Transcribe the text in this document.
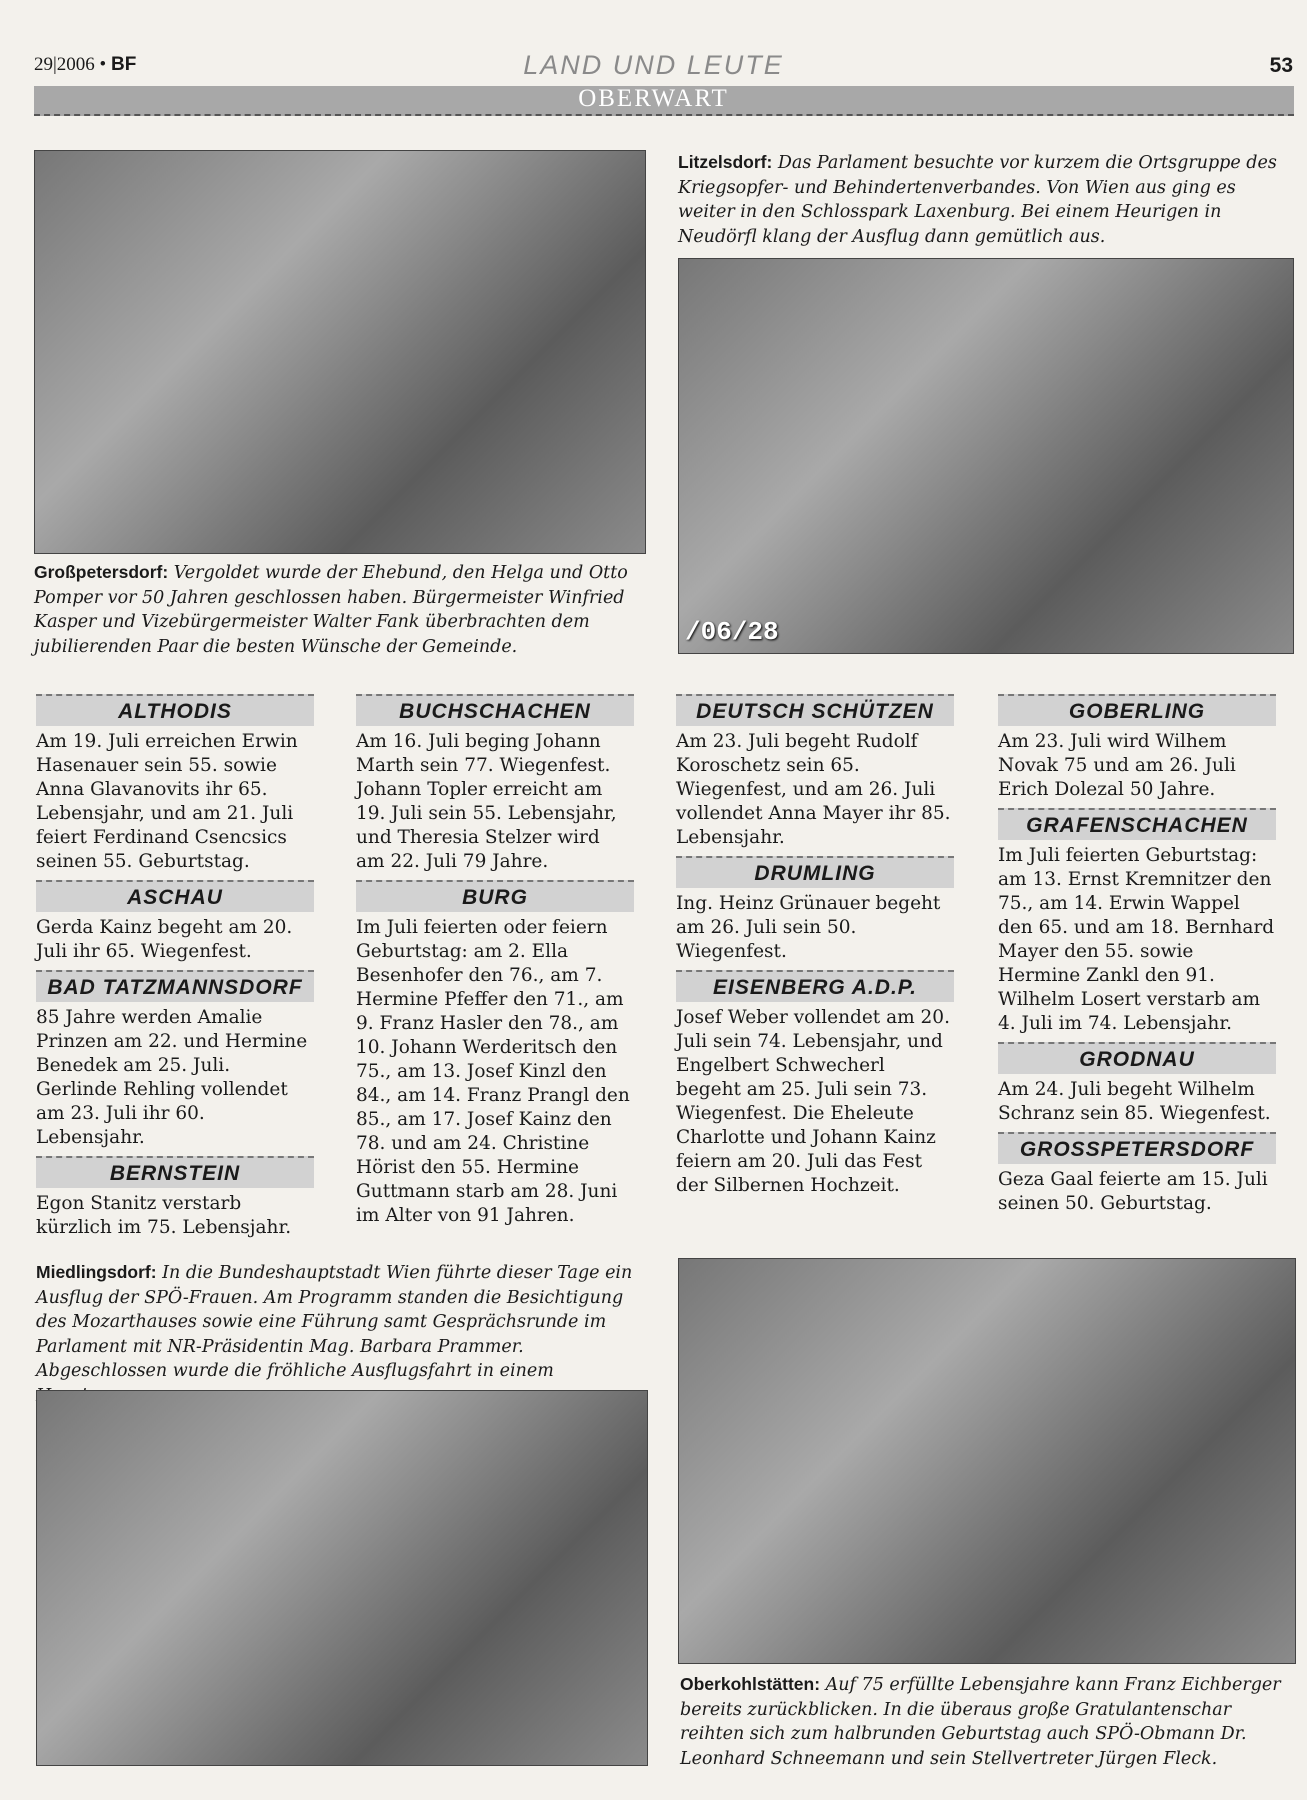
29|2006 • BF	LAND UND LEUTE	53
OBERWART
Litzelsdorf: Das Parlament besuchte vor kurzem die Ortsgruppe des Kriegsopfer- und Behindertenverbandes. Von Wien aus ging es weiter in den Schlosspark Laxenburg. Bei einem Heurigen in Neudörfl klang der Ausflug dann gemütlich aus.
/06/28
Großpetersdorf: Vergoldet wurde der Ehebund, den Helga und Otto Pomper vor 50 Jahren geschlossen haben. Bürgermeister Winfried Kasper und Vizebürgermeister Walter Fank überbrachten dem jubilierenden Paar die besten Wünsche der Gemeinde.
ALTHODIS
Am 19. Juli erreichen Erwin Hasenauer sein 55. sowie Anna Glavanovits ihr 65. Lebensjahr, und am 21. Juli feiert Ferdinand Csencsics seinen 55. Geburtstag.
ASCHAU
Gerda Kainz begeht am 20. Juli ihr 65. Wiegenfest.
BAD TATZMANNSDORF
85 Jahre werden Amalie Prinzen am 22. und Hermine Benedek am 25. Juli. Gerlinde Rehling vollendet am 23. Juli ihr 60. Lebensjahr.
BERNSTEIN
Egon Stanitz verstarb kürzlich im 75. Lebensjahr.
BUCHSCHACHEN
Am 16. Juli beging Johann Marth sein 77. Wiegenfest. Johann Topler erreicht am 19. Juli sein 55. Lebensjahr, und Theresia Stelzer wird am 22. Juli 79 Jahre.
BURG
Im Juli feierten oder feiern Geburtstag: am 2. Ella Besenhofer den 76., am 7. Hermine Pfeffer den 71., am 9. Franz Hasler den 78., am 10. Johann Werderitsch den 75., am 13. Josef Kinzl den 84., am 14. Franz Prangl den 85., am 17. Josef Kainz den 78. und am 24. Christine Hörist den 55. Hermine Guttmann starb am 28. Juni im Alter von 91 Jahren.
DEUTSCH SCHÜTZEN
Am 23. Juli begeht Rudolf Koroschetz sein 65. Wiegenfest, und am 26. Juli vollendet Anna Mayer ihr 85. Lebensjahr.
DRUMLING
Ing. Heinz Grünauer begeht am 26. Juli sein 50. Wiegenfest.
EISENBERG A.D.P.
Josef Weber vollendet am 20. Juli sein 74. Lebensjahr, und Engelbert Schwecherl begeht am 25. Juli sein 73. Wiegenfest. Die Eheleute Charlotte und Johann Kainz feiern am 20. Juli das Fest der Silbernen Hochzeit.
GOBERLING
Am 23. Juli wird Wilhem Novak 75 und am 26. Juli Erich Dolezal 50 Jahre.
GRAFENSCHACHEN
Im Juli feierten Geburtstag: am 13. Ernst Kremnitzer den 75., am 14. Erwin Wappel den 65. und am 18. Bernhard Mayer den 55. sowie Hermine Zankl den 91. Wilhelm Losert verstarb am 4. Juli im 74. Lebensjahr.
GRODNAU
Am 24. Juli begeht Wilhelm Schranz sein 85. Wiegenfest.
GROSSPETERSDORF
Geza Gaal feierte am 15. Juli seinen 50. Geburtstag.
Miedlingsdorf: In die Bundeshauptstadt Wien führte dieser Tage ein Ausflug der SPÖ-Frauen. Am Programm standen die Besichtigung des Mozarthauses sowie eine Führung samt Gesprächsrunde im Parlament mit NR-Präsidentin Mag. Barbara Prammer. Abgeschlossen wurde die fröhliche Ausflugsfahrt in einem
Oberkohlstätten: Auf 75 erfüllte Lebensjahre kann Franz Eichberger bereits zurückblicken. In die überaus große Gratulantenschar reihten sich zum halbrunden Geburtstag auch SPÖ-Obmann Dr. Leonhard Schneemann und sein Stellvertreter Jürgen Fleck.
